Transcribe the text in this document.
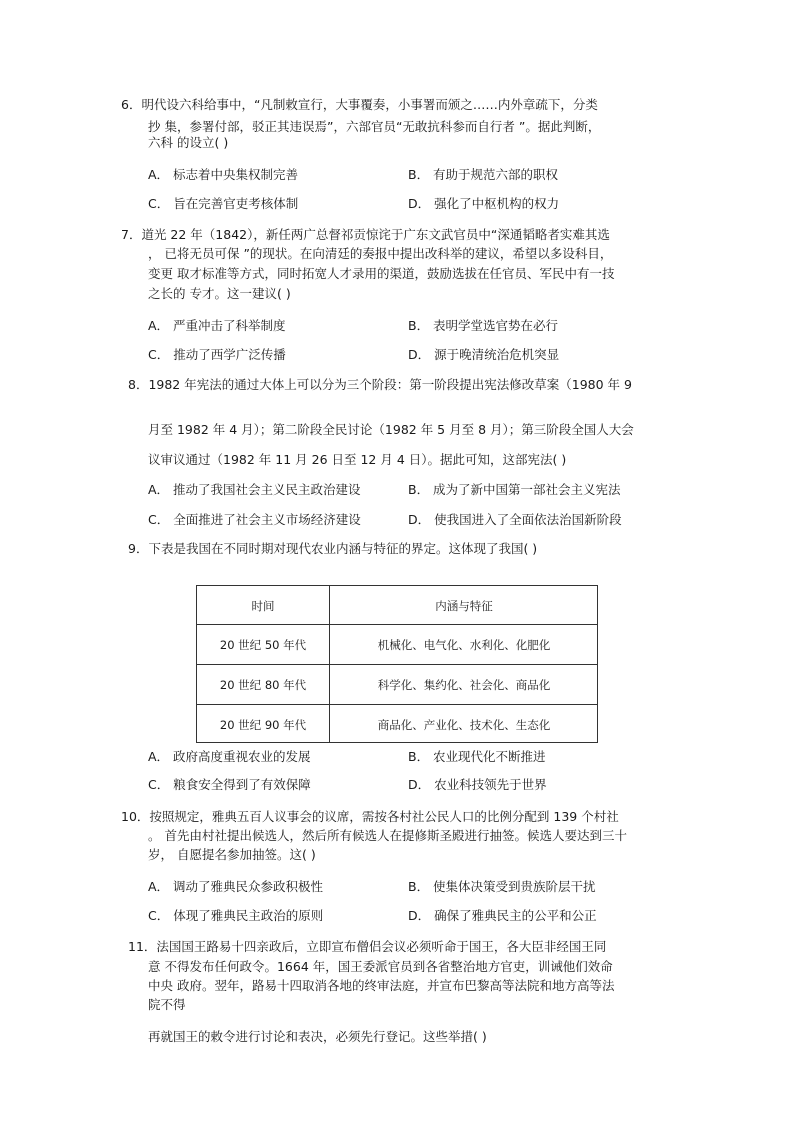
6．明代设六科给事中，“凡制敕宣行，大事覆奏，小事署而颁之……内外章疏下，分类
抄 集，参署付部，驳正其违误焉”，六部官员“无敢抗科参而自行者 ”。据此判断，
六科 的设立( )
A． 标志着中央集权制完善	B． 有助于规范六部的职权
C． 旨在完善官吏考核体制	D． 强化了中枢机构的权力
7．道光 22 年（1842），新任两广总督祁贡惊诧于广东文武官员中“深通韬略者实难其选
， 已将无员可保 ”的现状。在向清廷的奏报中提出改科举的建议，希望以多设科目，
变更 取才标准等方式，同时拓宽人才录用的渠道，鼓励选拔在任官员、军民中有一技
之长的 专才。这一建议( )
A． 严重冲击了科举制度	B． 表明学堂选官势在必行
C． 推动了西学广泛传播	D． 源于晚清统治危机突显
8．1982 年宪法的通过大体上可以分为三个阶段：第一阶段提出宪法修改草案（1980 年 9
月至 1982 年 4 月）；第二阶段全民讨论（1982 年 5 月至 8 月）；第三阶段全国人大会
议审议通过（1982 年 11 月 26 日至 12 月 4 日）。据此可知，这部宪法( )
A． 推动了我国社会主义民主政治建设	B． 成为了新中国第一部社会主义宪法
C． 全面推进了社会主义市场经济建设	D． 使我国进入了全面依法治国新阶段
9．下表是我国在不同时期对现代农业内涵与特征的界定。这体现了我国( )
时间	内涵与特征
20 世纪 50 年代	机械化、电气化、水利化、化肥化
20 世纪 80 年代	科学化、集约化、社会化、商品化
20 世纪 90 年代	商品化、产业化、技术化、生态化
A． 政府高度重视农业的发展	B． 农业现代化不断推进
C． 粮食安全得到了有效保障	D． 农业科技领先于世界
10．按照规定，雅典五百人议事会的议席，需按各村社公民人口的比例分配到 139 个村社
。 首先由村社提出候选人，然后所有候选人在提修斯圣殿进行抽签。候选人要达到三十
岁， 自愿提名参加抽签。这( )
A． 调动了雅典民众参政积极性	B． 使集体决策受到贵族阶层干扰
C． 体现了雅典民主政治的原则	D． 确保了雅典民主的公平和公正
11．法国国王路易十四亲政后，立即宣布僧侣会议必须听命于国王，各大臣非经国王同
意 不得发布任何政令。1664 年，国王委派官员到各省整治地方官吏，训诫他们效命
中央 政府。翌年，路易十四取消各地的终审法庭，并宣布巴黎高等法院和地方高等法
院不得
再就国王的敕令进行讨论和表决，必须先行登记。这些举措( )
